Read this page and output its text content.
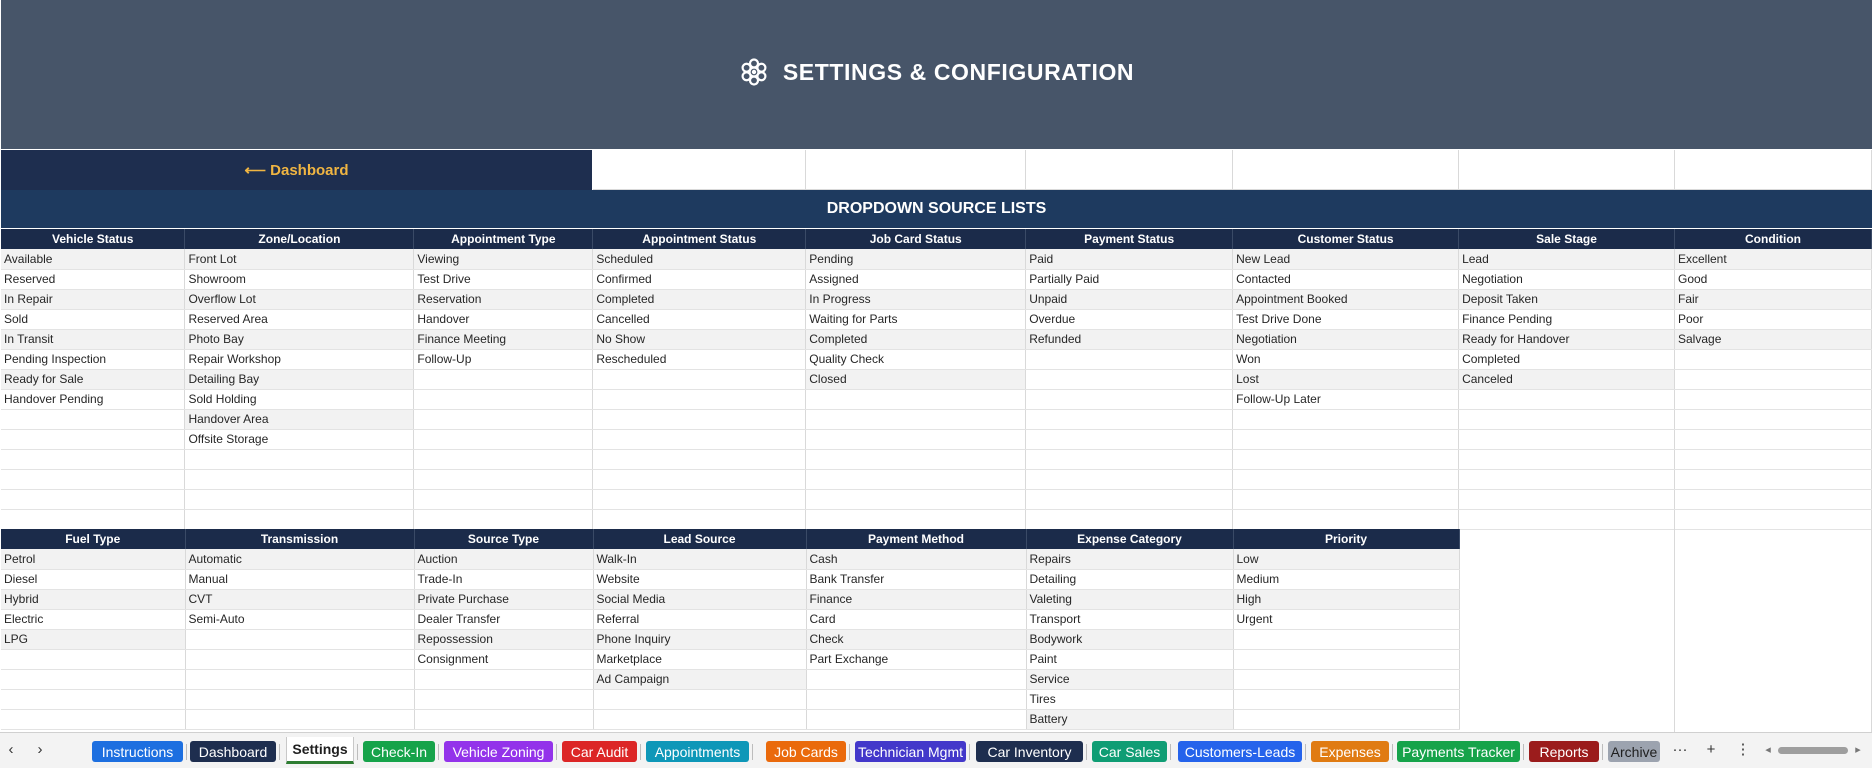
SETTINGS & CONFIGURATION
⟵ Dashboard
DROPDOWN SOURCE LISTS
Vehicle Status	Zone/Location	Appointment Type	Appointment Status	Job Card Status	Payment Status	Customer Status	Sale Stage	Condition
Available	Front Lot	Viewing	Scheduled	Pending	Paid	New Lead	Lead	Excellent
Reserved	Showroom	Test Drive	Confirmed	Assigned	Partially Paid	Contacted	Negotiation	Good
In Repair	Overflow Lot	Reservation	Completed	In Progress	Unpaid	Appointment Booked	Deposit Taken	Fair
Sold	Reserved Area	Handover	Cancelled	Waiting for Parts	Overdue	Test Drive Done	Finance Pending	Poor
In Transit	Photo Bay	Finance Meeting	No Show	Completed	Refunded	Negotiation	Ready for Handover	Salvage
Pending Inspection	Repair Workshop	Follow-Up	Rescheduled	Quality Check		Won	Completed	
Ready for Sale	Detailing Bay			Closed		Lost	Canceled	
Handover Pending	Sold Holding					Follow-Up Later		
	Handover Area							
	Offsite Storage							

Fuel Type	Transmission	Source Type	Lead Source	Payment Method	Expense Category	Priority
Petrol	Automatic	Auction	Walk-In	Cash	Repairs	Low
Diesel	Manual	Trade-In	Website	Bank Transfer	Detailing	Medium
Hybrid	CVT	Private Purchase	Social Media	Finance	Valeting	High
Electric	Semi-Auto	Dealer Transfer	Referral	Card	Transport	Urgent
LPG		Repossession	Phone Inquiry	Check	Bodywork	
		Consignment	Marketplace	Part Exchange	Paint	
			Ad Campaign		Service	
					Tires	
					Battery	
‹	›	Instructions	Dashboard	Settings	Check-In	Vehicle Zoning	Car Audit	Appointments	Job Cards	Technician Mgmt	Car Inventory	Car Sales	Customers-Leads	Expenses	Payments Tracker	Reports	Archive ···	+	⋮ ◂	▸
